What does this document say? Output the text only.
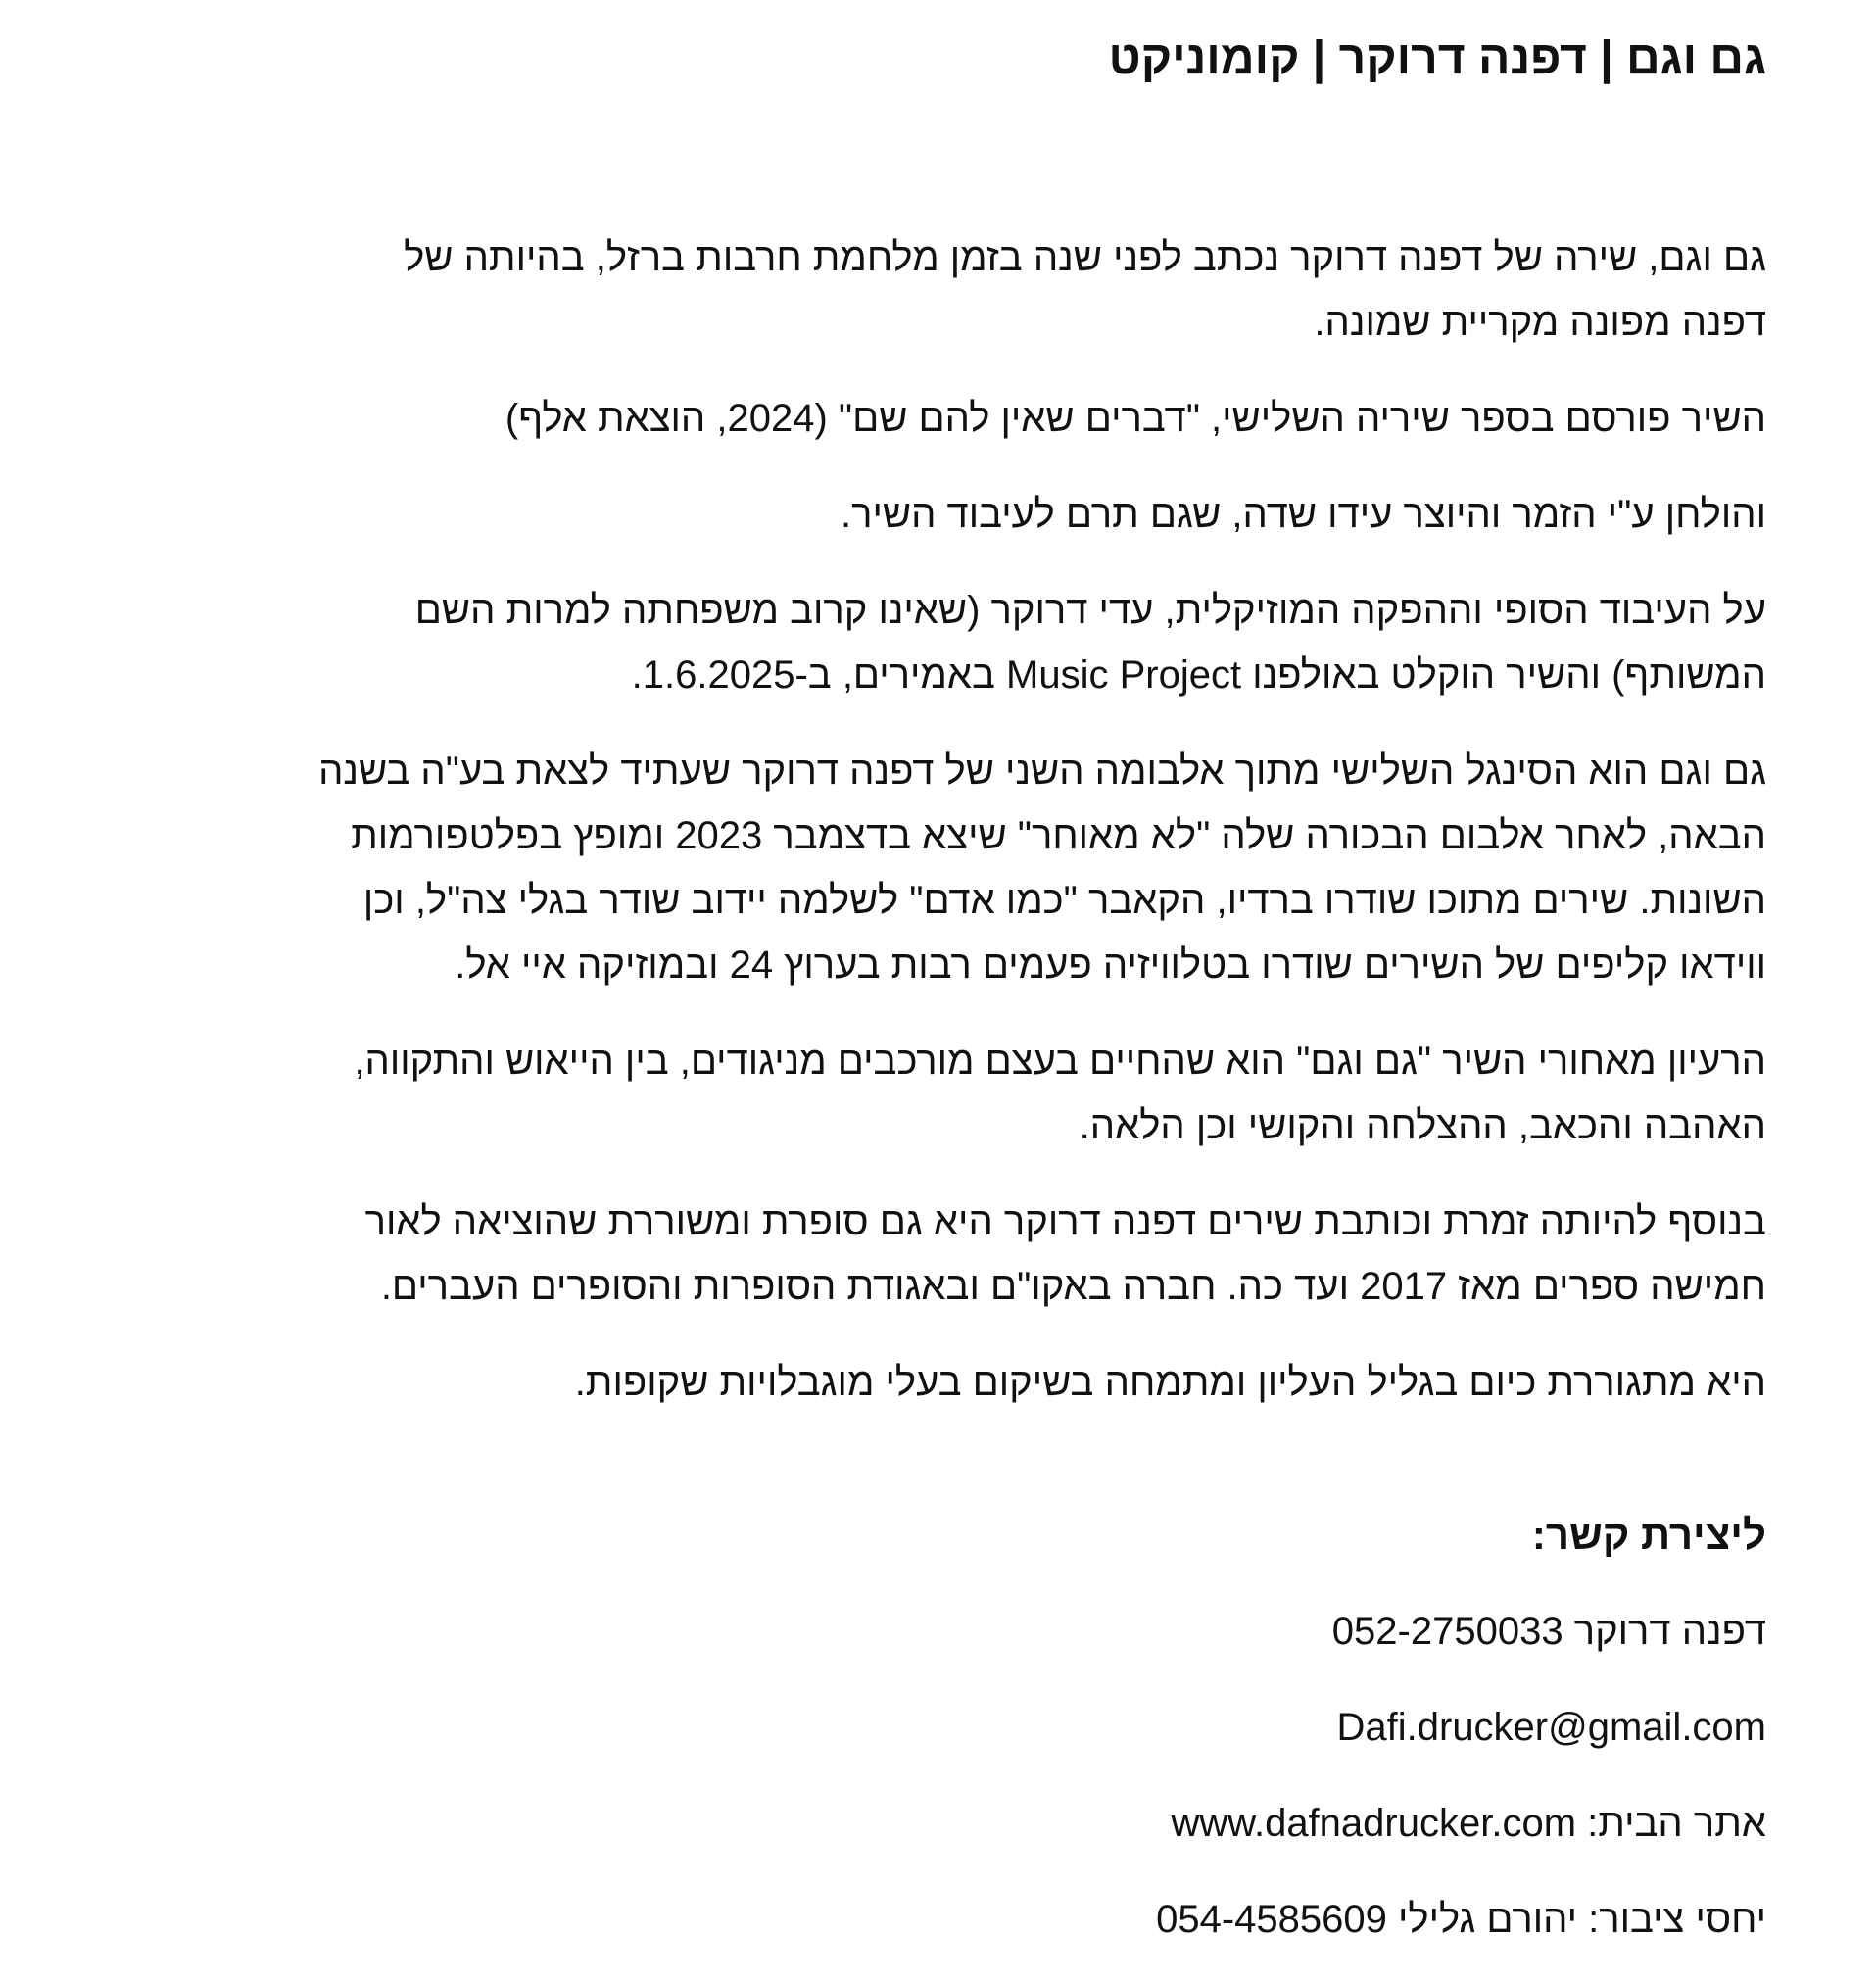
גם וגם | דפנה דרוקר | קומוניקט

גם וגם, שירה של דפנה דרוקר נכתב לפני שנה בזמן מלחמת חרבות ברזל, בהיותה של
דפנה מפונה מקריית שמונה.

השיר פורסם בספר שיריה השלישי, "דברים שאין להם שם" (2024, הוצאת אלף)

והולחן ע"י הזמר והיוצר עידו שדה, שגם תרם לעיבוד השיר.

על העיבוד הסופי וההפקה המוזיקלית, עדי דרוקר (שאינו קרוב משפחתה למרות השם
המשותף) והשיר הוקלט באולפנו Music Project באמירים, ב-1.6.2025.

גם וגם הוא הסינגל השלישי מתוך אלבומה השני של דפנה דרוקר שעתיד לצאת בע"ה בשנה
הבאה, לאחר אלבום הבכורה שלה "לא מאוחר" שיצא בדצמבר 2023 ומופץ בפלטפורמות
השונות. שירים מתוכו שודרו ברדיו, הקאבר "כמו אדם" לשלמה יידוב שודר בגלי צה"ל, וכן
ווידאו קליפים של השירים שודרו בטלוויזיה פעמים רבות בערוץ 24 ובמוזיקה איי אל.

הרעיון מאחורי השיר "גם וגם" הוא שהחיים בעצם מורכבים מניגודים, בין הייאוש והתקווה,
האהבה והכאב, ההצלחה והקושי וכן הלאה.

בנוסף להיותה זמרת וכותבת שירים דפנה דרוקר היא גם סופרת ומשוררת שהוציאה לאור
חמישה ספרים מאז 2017 ועד כה. חברה באקו"ם ובאגודת הסופרות והסופרים העברים.

היא מתגוררת כיום בגליל העליון ומתמחה בשיקום בעלי מוגבלויות שקופות.

ליצירת קשר:
דפנה דרוקר 052-2750033
Dafi.drucker@gmail.com
אתר הבית: www.dafnadrucker.com
יחסי ציבור: יהורם גלילי 054-4585609
